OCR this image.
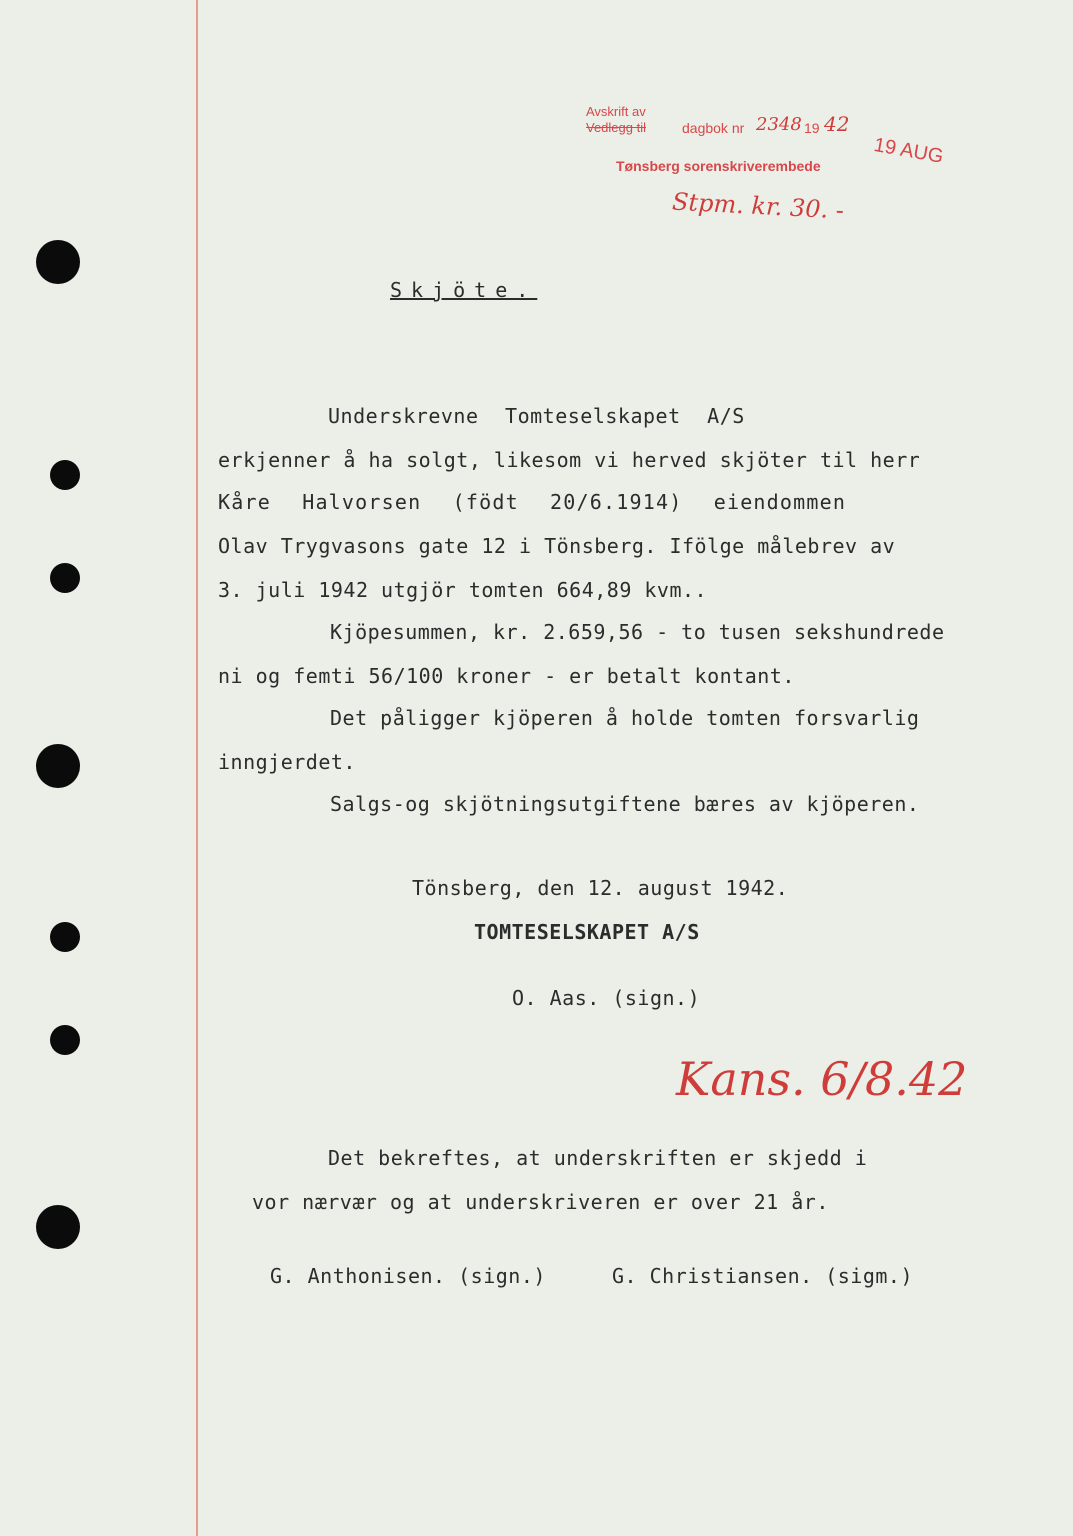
Avskrift av
Vedlegg til	dagbok nr 2348 19 42
19 AUG
Tønsberg sorenskriverembede
Stpm. kr. 30. -
Skjöte.
Underskrevne Tomteselskapet A/S
erkjenner å ha solgt, likesom vi herved skjöter til herr
Kåre Halvorsen (födt 20/6.1914) eiendommen
Olav Trygvasons gate 12 i Tönsberg. Ifölge målebrev av
3. juli 1942 utgjör tomten 664,89 kvm..
Kjöpesummen, kr. 2.659,56 - to tusen sekshundrede
ni og femti 56/100 kroner - er betalt kontant.
Det påligger kjöperen å holde tomten forsvarlig
inngjerdet.
Salgs-og skjötningsutgiftene bæres av kjöperen.
Tönsberg, den 12. august 1942.
TOMTESELSKAPET A/S
O. Aas. (sign.)
Kans. 6/8.42
Det bekreftes, at underskriften er skjedd i
vor nærvær og at underskriveren er over 21 år.
G. Anthonisen. (sign.)	G. Christiansen. (sigm.)
